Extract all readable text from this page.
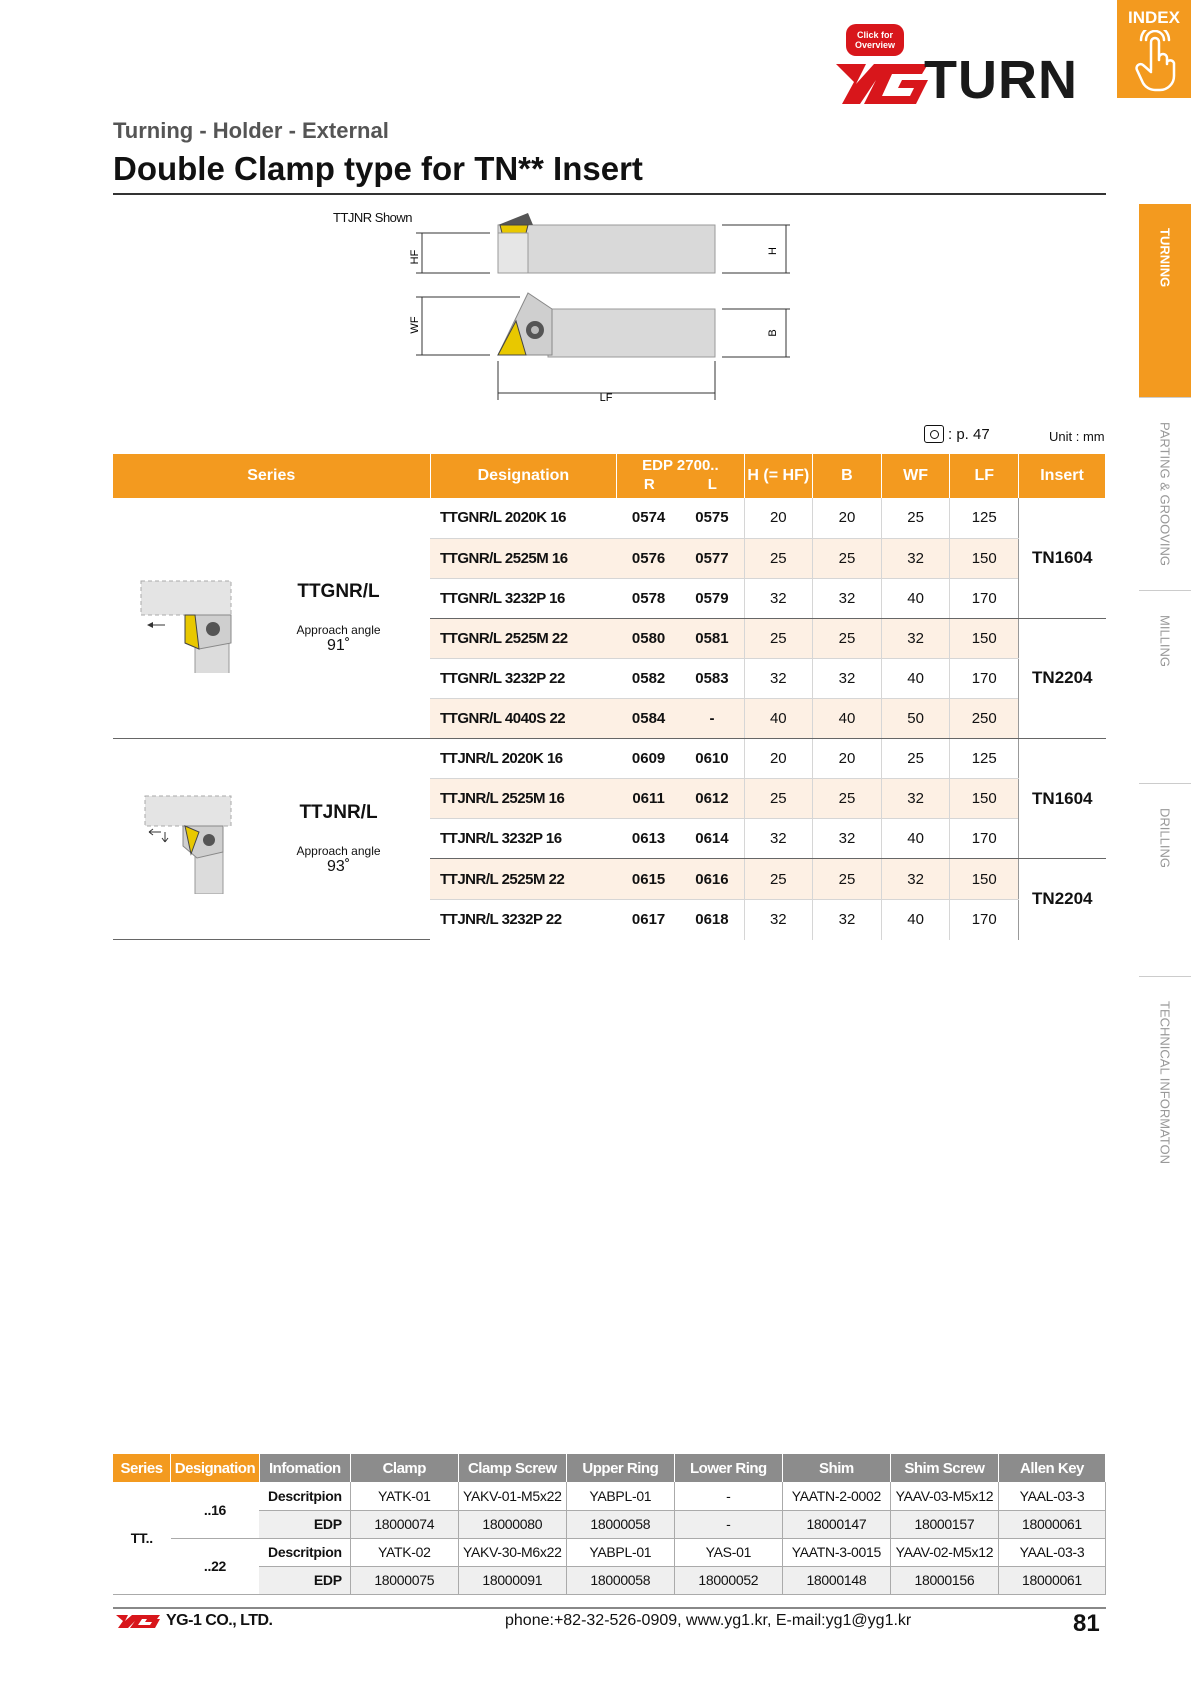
Click for
Overview
TURN
INDEX
Turning - Holder - External
Double Clamp type for TN** Insert
TURNING
PARTING & GROOVING
MILLING
DRILLING
TECHNICAL INFORMATON
TTJNR Shown
HF	H
WF	B
LF
: p. 47	Unit : mm
Series	Designation	EDP 2700..
R L		H (= HF)	B	WF	LF	Insert

TTGNR/L
Approach angle
91˚	TTGNR/L 2020K 16	0574	0575	20	20	25	125	TN1604
	TTGNR/L 2525M 16	0576	0577	25	25	32	150	
	TTGNR/L 3232P 16	0578	0579	32	32	40	170	
	TTGNR/L 2525M 22	0580	0581	25	25	32	150	TN2204
	TTGNR/L 3232P 22	0582	0583	32	32	40	170	
	TTGNR/L 4040S 22	0584	-	40	40	50	250	

TTJNR/L
Approach angle
93˚	TTJNR/L 2020K 16	0609	0610	20	20	25	125	TN1604
	TTJNR/L 2525M 16	0611	0612	25	25	32	150	
	TTJNR/L 3232P 16	0613	0614	32	32	40	170	
	TTJNR/L 2525M 22	0615	0616	25	25	32	150	TN2204
	TTJNR/L 3232P 22	0617	0618	32	32	40	170	
Series	Designation	Infomation	Clamp	Clamp Screw	Upper Ring	Lower Ring	Shim	Shim Screw	Allen Key
TT..	..16	Descritpion	YATK-01	YAKV-01-M5x22	YABPL-01	-	YAATN-2-0002	YAAV-03-M5x12	YAAL-03-3
		EDP	18000074	18000080	18000058	-	18000147	18000157	18000061
	..22	Descritpion	YATK-02	YAKV-30-M6x22	YABPL-01	YAS-01	YAATN-3-0015	YAAV-02-M5x12	YAAL-03-3
		EDP	18000075	18000091	18000058	18000052	18000148	18000156	18000061
YG-1 CO., LTD.	phone:+82-32-526-0909, www.yg1.kr, E-mail:yg1@yg1.kr	81
